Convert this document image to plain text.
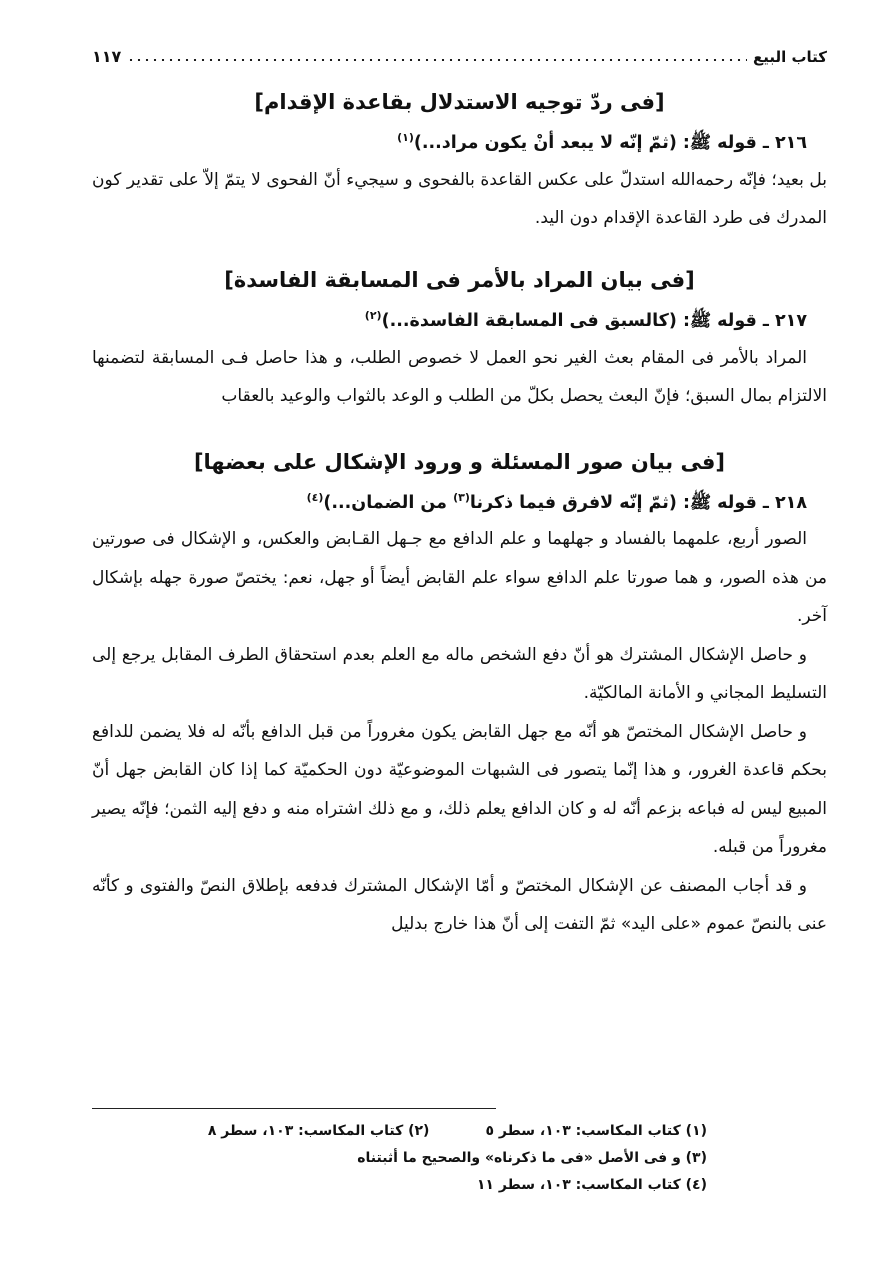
كتاب البيع
١١٧
[فى ردّ توجيه الاستدلال بقاعدة الإقدام]

٢١٦ ـ قوله ﷺ: (ثمّ إنّه لا يبعد أنْ يكون مراد...)$^{(١)}$

بل بعيد؛ فإنّه رحمه‌الله استدلّ على عكس القاعدة بالفحوى و سيجيء أنّ الفحوى لا يتمّ إلاّ على تقدير كون المدرك فى طرد القاعدة الإقدام دون اليد.

[فى بيان المراد بالأمر فى المسابقة الفاسدة]

٢١٧ ـ قوله ﷺ: (كالسبق فى المسابقة الفاسدة...)$^{(٢)}$

المراد بالأمر فى المقام بعث الغير نحو العمل لا خصوص الطلب، و هذا حاصل فـى المسابقة لتضمنها الالتزام بمال السبق؛ فإنّ البعث يحصل بكلّ من الطلب و الوعد بالثواب والوعيد بالعقاب

[فى بيان صور المسئلة و ورود الإشكال على بعضها]

٢١٨ ـ قوله ﷺ: (ثمّ إنّه لافرق فيما ذكرنا$^{(٣)}$ من الضمان...)$^{(٤)}$

الصور أربع، علمهما بالفساد و جهلهما و علم الدافع مع جـهل القـابض والعكس، و الإشكال فى صورتين من هذه الصور، و هما صورتا علم الدافع سواء علم القابض أيضاً أو جهل، نعم: يختصّ صورة جهله بإشكال آخر.

و حاصل الإشكال المشترك هو أنّ دفع الشخص ماله مع العلم بعدم استحقاق الطرف المقابل يرجع إلى التسليط المجاني و الأمانة المالكيّة.

و حاصل الإشكال المختصّ هو أنّه مع جهل القابض يكون مغروراً من قبل الدافع بأنّه له فلا يضمن للدافع بحكم قاعدة الغرور، و هذا إنّما يتصور فى الشبهات الموضوعيّة دون الحكميّة كما إذا كان القابض جهل أنّ المبيع ليس له فباعه بزعم أنّه له و كان الدافع يعلم ذلك، و مع ذلك اشتراه منه و دفع إليه الثمن؛ فإنّه يصير مغروراً من قبله.

و قد أجاب المصنف عن الإشكال المختصّ و أمّا الإشكال المشترك فدفعه بإطلاق النصّ والفتوى و كأنّه عنى بالنصّ عموم «على اليد» ثمّ التفت إلى أنّ هذا خارج بدليل

(١) كتاب المكاسب: ١٠٣، سطر ٥(٢) كتاب المكاسب: ١٠٣، سطر ٨
(٣) و فى الأصل «فى ما ذكرناه» والصحيح ما أثبتناه
(٤) كتاب المكاسب: ١٠٣، سطر ١١
